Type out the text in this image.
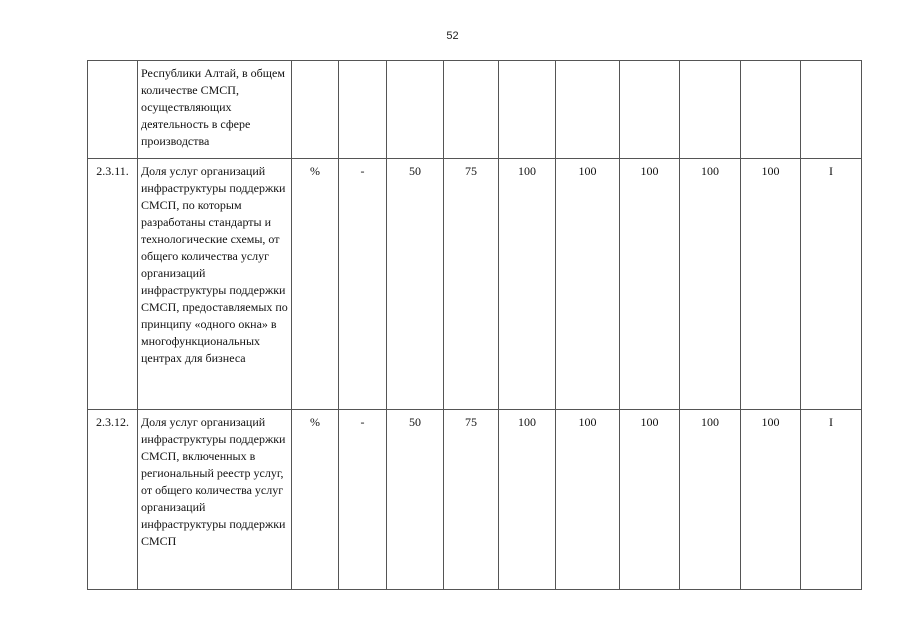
52
	Республики Алтай, в общем количестве СМСП, осуществляющих деятельность в сфере производства										
2.3.11.	Доля услуг организаций инфраструктуры поддержки СМСП, по которым разработаны стандарты и технологические схемы, от общего количества услуг организаций инфраструктуры поддержки СМСП, предоставляемых по принципу «одного окна» в многофункциональных центрах для бизнеса	%	-	50	75	100	100	100	100	100	I
2.3.12.	Доля услуг организаций инфраструктуры поддержки СМСП, включенных в региональный реестр услуг, от общего количества услуг организаций инфраструктуры поддержки СМСП	%	-	50	75	100	100	100	100	100	I
